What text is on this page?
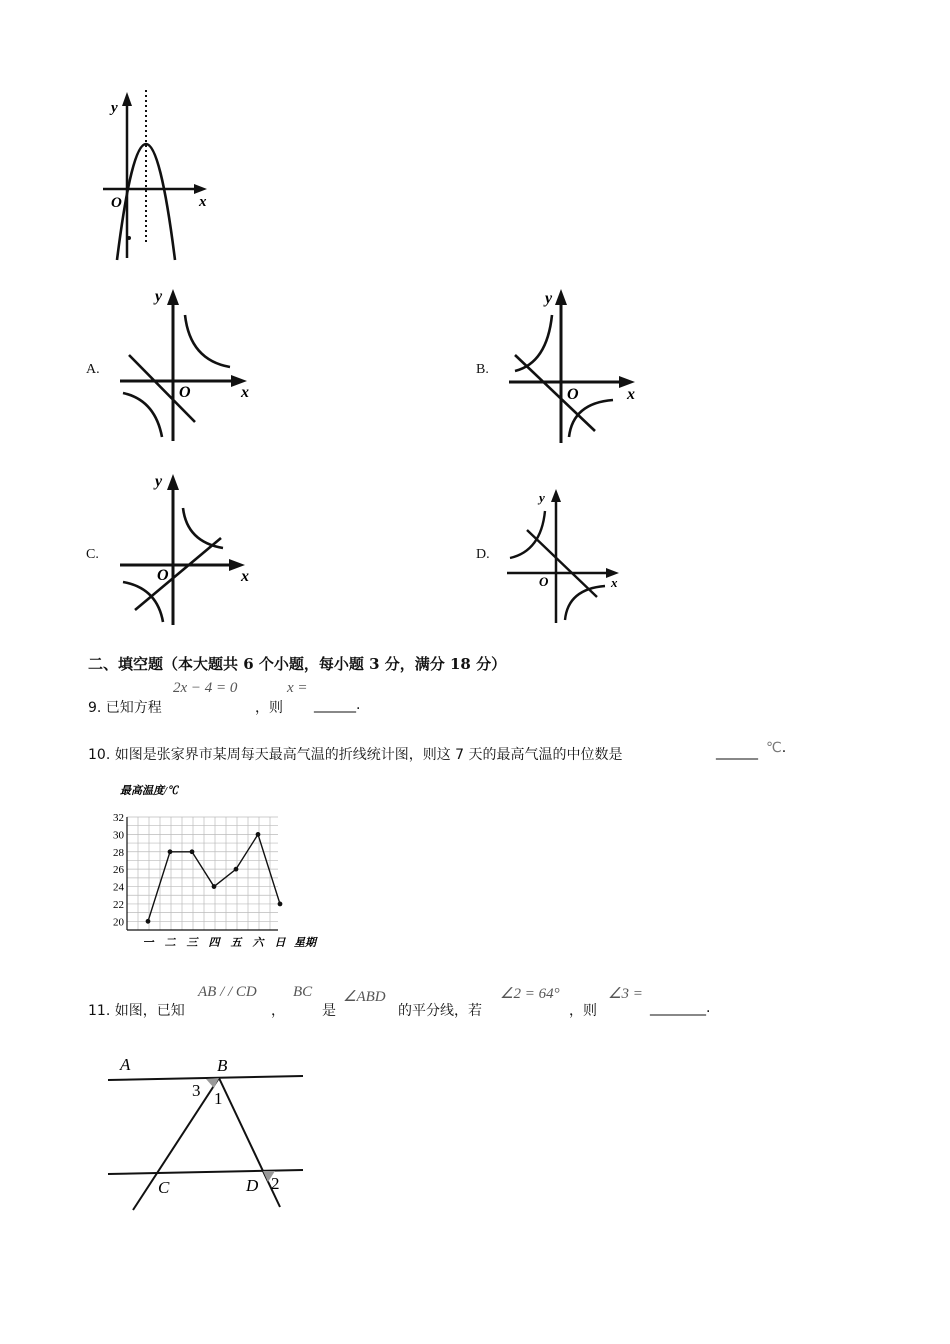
y
x
O
A.
y
x
O
B.
y
x
O
C.
y
x
O
D.
y
x
O
二、填空题（本大题共 6 个小题，每小题 3 分，满分 18 分）
9. 已知方程
2x − 4 = 0
，则
x =
______.
10. 如图是张家界市某周每天最高气温的折线统计图，则这 7 天的最高气温的中位数是	______ ℃.
20
22
24
26
28
30
32
最高温度/℃
一 二 三 四 五 六 日 星期
11. 如图，已知
AB / / CD
，
BC
是
∠ABD
的平分线，若
∠2 = 64°
，则
∠3 =
________.
A	B
3 1
C	D 2
